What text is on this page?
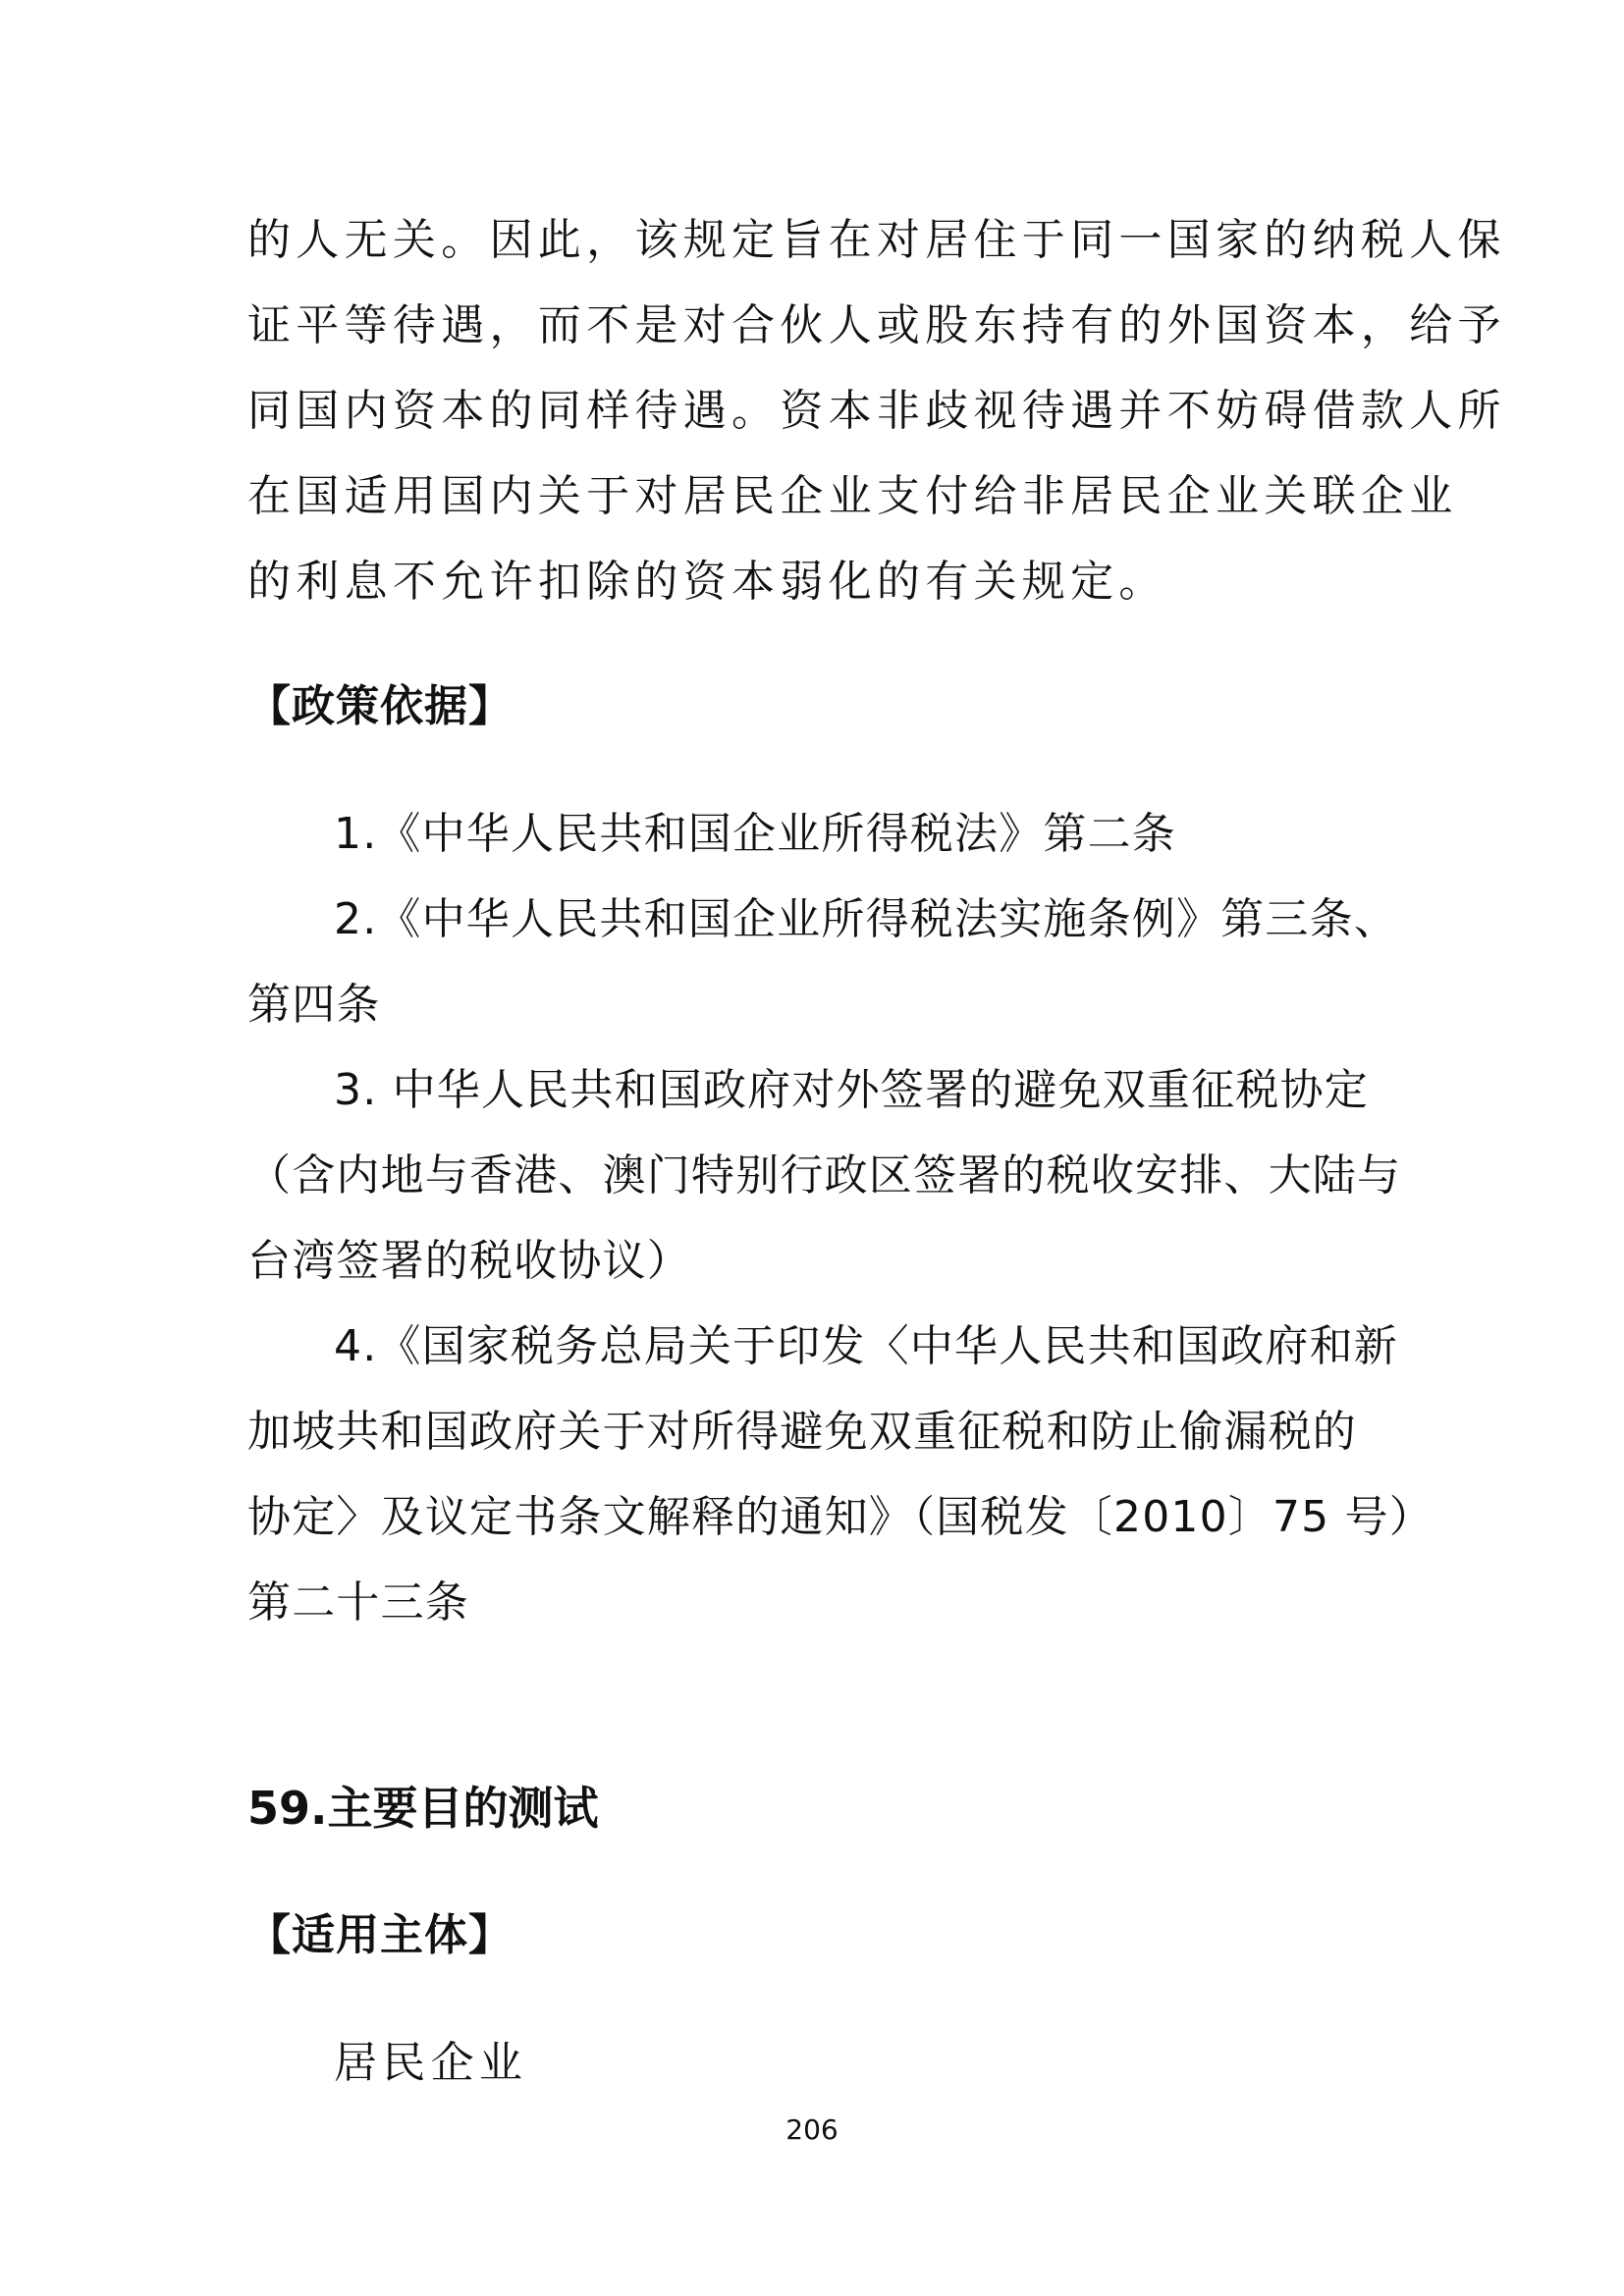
的人无关。因此，该规定旨在对居住于同一国家的纳税人保
证平等待遇，而不是对合伙人或股东持有的外国资本，给予
同国内资本的同样待遇。资本非歧视待遇并不妨碍借款人所
在国适用国内关于对居民企业支付给非居民企业关联企业
的利息不允许扣除的资本弱化的有关规定。
【政策依据】
1.《中华人民共和国企业所得税法》第二条
2.《中华人民共和国企业所得税法实施条例》第三条、
第四条
3. 中华人民共和国政府对外签署的避免双重征税协定
（含内地与香港、澳门特别行政区签署的税收安排、大陆与
台湾签署的税收协议）
4.《国家税务总局关于印发〈中华人民共和国政府和新
加坡共和国政府关于对所得避免双重征税和防止偷漏税的
协定〉及议定书条文解释的通知》（国税发〔2010〕75 号）
第二十三条
59.主要目的测试
【适用主体】
居民企业
206
